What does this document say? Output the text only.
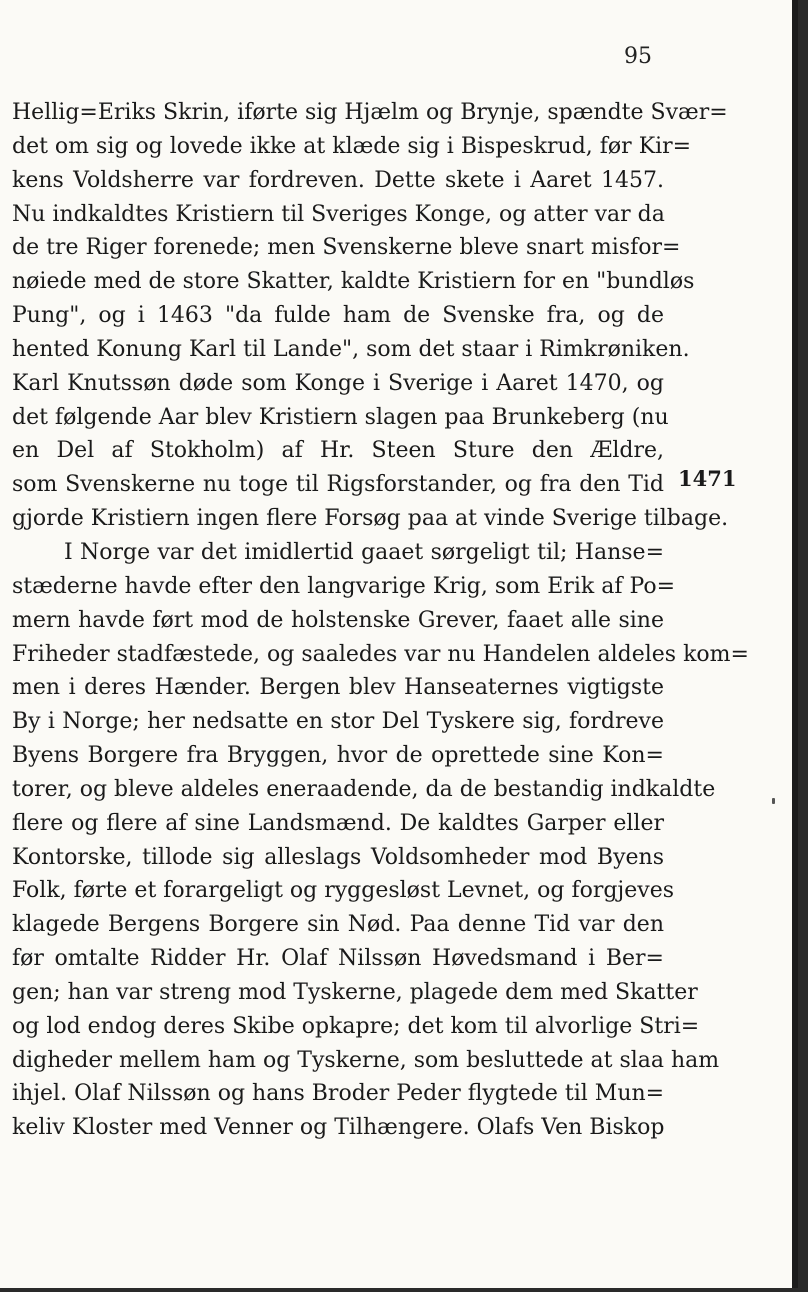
95
Hellig=Eriks Skrin, iførte sig Hjælm og Brynje, spændte Svær=
det om sig og lovede ikke at klæde sig i Bispeskrud, før Kir=
kens Voldsherre var fordreven. Dette skete i Aaret 1457.
Nu indkaldtes Kristiern til Sveriges Konge, og atter var da
de tre Riger forenede; men Svenskerne bleve snart misfor=
nøiede med de store Skatter, kaldte Kristiern for en "bundløs
Pung", og i 1463 "da fulde ham de Svenske fra, og de
hented Konung Karl til Lande", som det staar i Rimkrøniken.
Karl Knutssøn døde som Konge i Sverige i Aaret 1470, og
det følgende Aar blev Kristiern slagen paa Brunkeberg (nu
en Del af Stokholm) af Hr. Steen Sture den Ældre,
som Svenskerne nu toge til Rigsforstander, og fra den Tid
gjorde Kristiern ingen flere Forsøg paa at vinde Sverige tilbage.
I Norge var det imidlertid gaaet sørgeligt til; Hanse=
stæderne havde efter den langvarige Krig, som Erik af Po=
mern havde ført mod de holstenske Grever, faaet alle sine
Friheder stadfæstede, og saaledes var nu Handelen aldeles kom=
men i deres Hænder. Bergen blev Hanseaternes vigtigste
By i Norge; her nedsatte en stor Del Tyskere sig, fordreve
Byens Borgere fra Bryggen, hvor de oprettede sine Kon=
torer, og bleve aldeles eneraadende, da de bestandig indkaldte
flere og flere af sine Landsmænd. De kaldtes Garper eller
Kontorske, tillode sig alleslags Voldsomheder mod Byens
Folk, førte et forargeligt og ryggesløst Levnet, og forgjeves
klagede Bergens Borgere sin Nød. Paa denne Tid var den
før omtalte Ridder Hr. Olaf Nilssøn Høvedsmand i Ber=
gen; han var streng mod Tyskerne, plagede dem med Skatter
og lod endog deres Skibe opkapre; det kom til alvorlige Stri=
digheder mellem ham og Tyskerne, som besluttede at slaa ham
ihjel. Olaf Nilssøn og hans Broder Peder flygtede til Mun=
keliv Kloster med Venner og Tilhængere. Olafs Ven Biskop
1471
